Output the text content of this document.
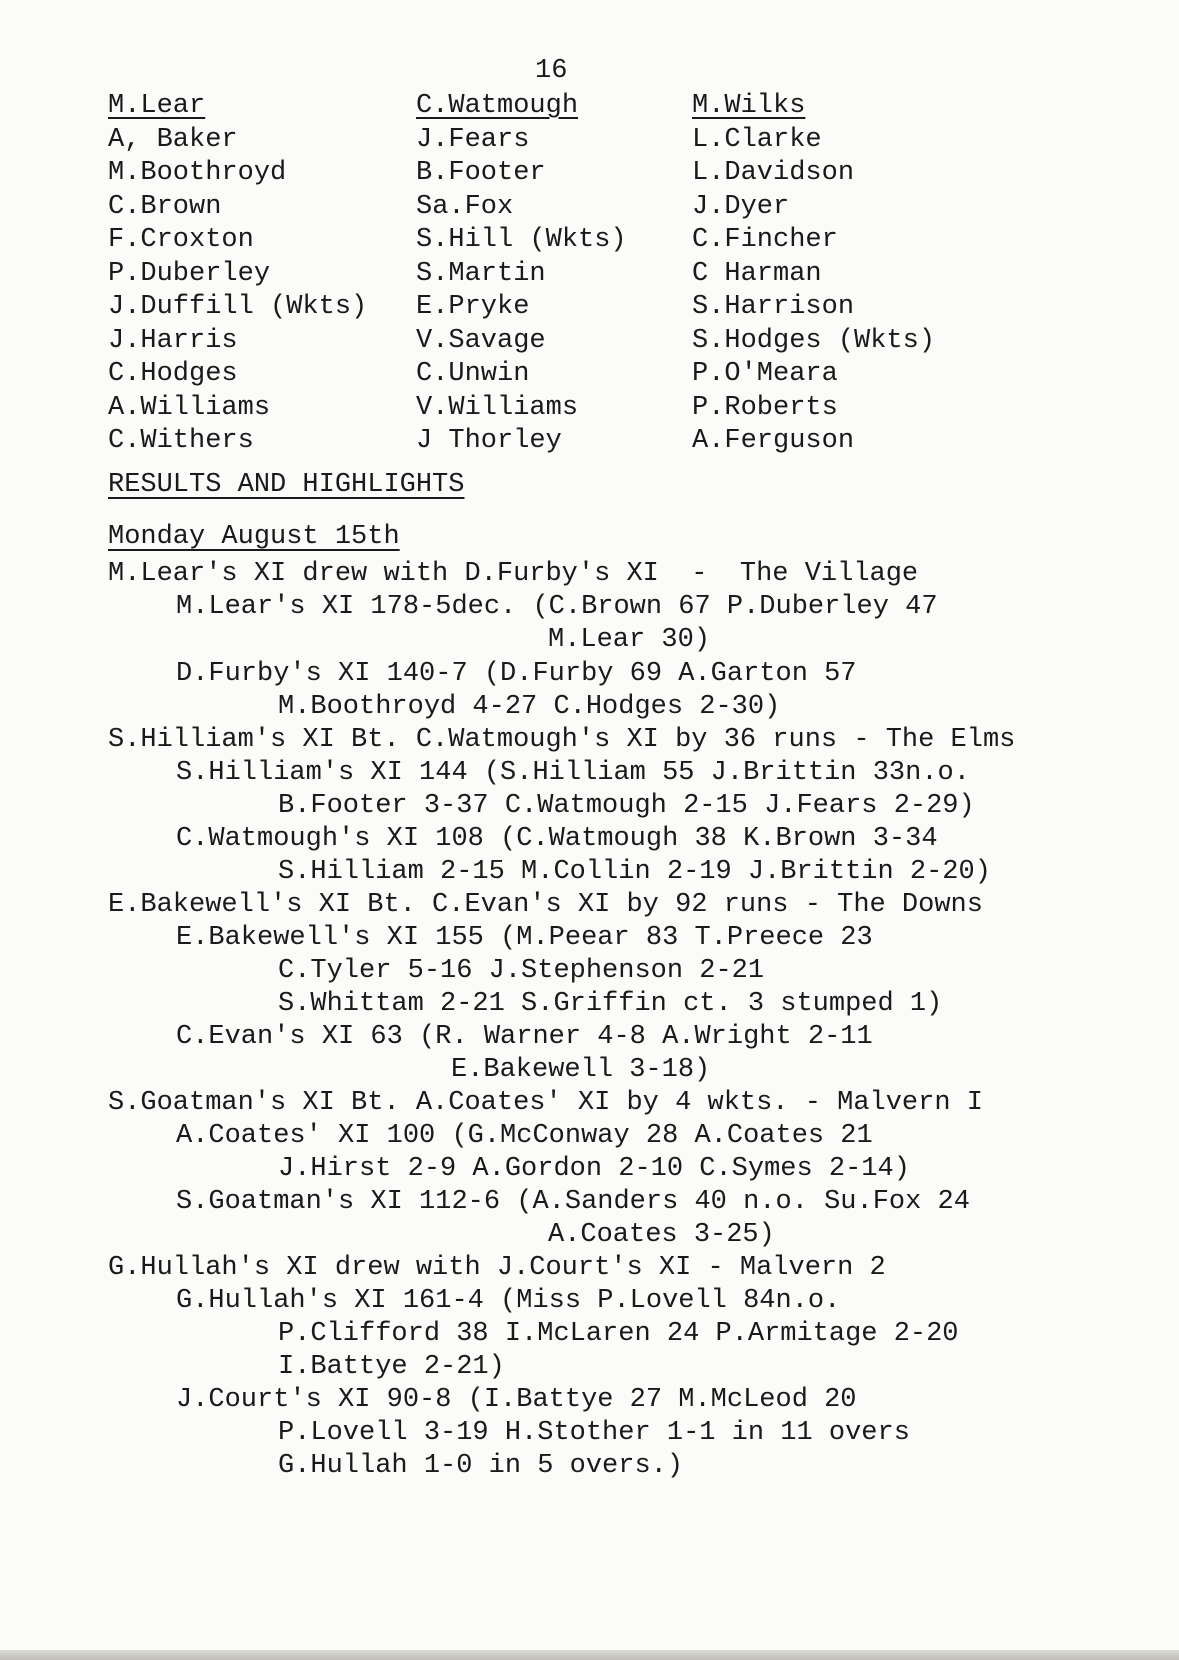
16
M.Lear
A, Baker
M.Boothroyd
C.Brown
F.Croxton
P.Duberley
J.Duffill (Wkts)
J.Harris
C.Hodges
A.Williams
C.Withers
C.Watmough
J.Fears
B.Footer
Sa.Fox
S.Hill (Wkts)
S.Martin
E.Pryke
V.Savage
C.Unwin
V.Williams
J Thorley
M.Wilks
L.Clarke
L.Davidson
J.Dyer
C.Fincher
C Harman
S.Harrison
S.Hodges (Wkts)
P.O'Meara
P.Roberts
A.Ferguson
RESULTS AND HIGHLIGHTS
Monday August 15th
M.Lear's XI drew with D.Furby's XI  -  The Village
M.Lear's XI 178-5dec. (C.Brown 67 P.Duberley 47
M.Lear 30)
D.Furby's XI 140-7 (D.Furby 69 A.Garton 57
M.Boothroyd 4-27 C.Hodges 2-30)
S.Hilliam's XI Bt. C.Watmough's XI by 36 runs - The Elms
S.Hilliam's XI 144 (S.Hilliam 55 J.Brittin 33n.o.
B.Footer 3-37 C.Watmough 2-15 J.Fears 2-29)
C.Watmough's XI 108 (C.Watmough 38 K.Brown 3-34
S.Hilliam 2-15 M.Collin 2-19 J.Brittin 2-20)
E.Bakewell's XI Bt. C.Evan's XI by 92 runs - The Downs
E.Bakewell's XI 155 (M.Peear 83 T.Preece 23
C.Tyler 5-16 J.Stephenson 2-21
S.Whittam 2-21 S.Griffin ct. 3 stumped 1)
C.Evan's XI 63 (R. Warner 4-8 A.Wright 2-11
E.Bakewell 3-18)
S.Goatman's XI Bt. A.Coates' XI by 4 wkts. - Malvern I
A.Coates' XI 100 (G.McConway 28 A.Coates 21
J.Hirst 2-9 A.Gordon 2-10 C.Symes 2-14)
S.Goatman's XI 112-6 (A.Sanders 40 n.o. Su.Fox 24
A.Coates 3-25)
G.Hullah's XI drew with J.Court's XI - Malvern 2
G.Hullah's XI 161-4 (Miss P.Lovell 84n.o.
P.Clifford 38 I.McLaren 24 P.Armitage 2-20
I.Battye 2-21)
J.Court's XI 90-8 (I.Battye 27 M.McLeod 20
P.Lovell 3-19 H.Stother 1-1 in 11 overs
G.Hullah 1-0 in 5 overs.)
